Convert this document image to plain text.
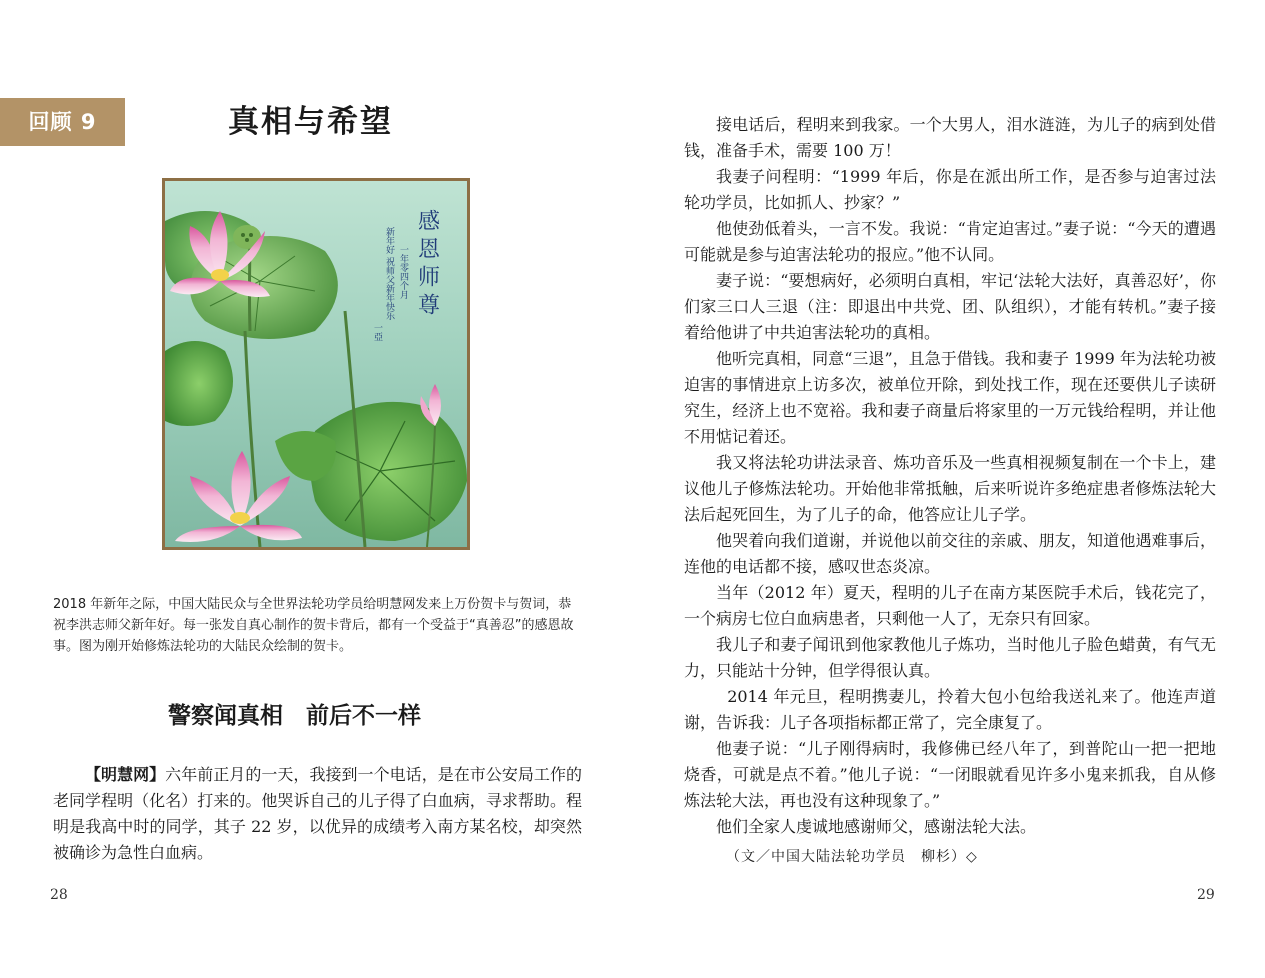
回顾 9	真相与希望
感恩师尊
一年零四个月
新年好 祝师父新年快乐
一亞
2018 年新年之际，中国大陆民众与全世界法轮功学员给明慧网发来上万份贺卡与贺词，恭祝李洪志师父新年好。每一张发自真心制作的贺卡背后，都有一个受益于“真善忍”的感恩故事。图为刚开始修炼法轮功的大陆民众绘制的贺卡。
警察闻真相　前后不一样

【明慧网】六年前正月的一天，我接到一个电话，是在市公安局工作的老同学程明（化名）打来的。他哭诉自己的儿子得了白血病，寻求帮助。程明是我高中时的同学，其子 22 岁，以优异的成绩考入南方某名校，却突然被确诊为急性白血病。

28

接电话后，程明来到我家。一个大男人，泪水涟涟，为儿子的病到处借钱，准备手术，需要 100 万！

我妻子问程明：“1999 年后，你是在派出所工作，是否参与迫害过法轮功学员，比如抓人、抄家？”

他使劲低着头，一言不发。我说：“肯定迫害过。”妻子说：“今天的遭遇可能就是参与迫害法轮功的报应。”他不认同。

妻子说：“要想病好，必须明白真相，牢记‘法轮大法好，真善忍好’，你们家三口人三退（注：即退出中共党、团、队组织），才能有转机。”妻子接着给他讲了中共迫害法轮功的真相。

他听完真相，同意“三退”，且急于借钱。我和妻子 1999 年为法轮功被迫害的事情进京上访多次，被单位开除，到处找工作，现在还要供儿子读研究生，经济上也不宽裕。我和妻子商量后将家里的一万元钱给程明，并让他不用惦记着还。

我又将法轮功讲法录音、炼功音乐及一些真相视频复制在一个卡上，建议他儿子修炼法轮功。开始他非常抵触，后来听说许多绝症患者修炼法轮大法后起死回生，为了儿子的命，他答应让儿子学。

他哭着向我们道谢，并说他以前交往的亲戚、朋友，知道他遇难事后，连他的电话都不接，感叹世态炎凉。

当年（2012 年）夏天，程明的儿子在南方某医院手术后，钱花完了，一个病房七位白血病患者，只剩他一人了，无奈只有回家。

我儿子和妻子闻讯到他家教他儿子炼功，当时他儿子脸色蜡黄，有气无力，只能站十分钟，但学得很认真。

2014 年元旦，程明携妻儿，拎着大包小包给我送礼来了。他连声道谢，告诉我：儿子各项指标都正常了，完全康复了。

他妻子说：“儿子刚得病时，我修佛已经八年了，到普陀山一把一把地烧香，可就是点不着。”他儿子说：“一闭眼就看见许多小鬼来抓我，自从修炼法轮大法，再也没有这种现象了。”

他们全家人虔诚地感谢师父，感谢法轮大法。

（文／中国大陆法轮功学员　柳杉）◇

29
